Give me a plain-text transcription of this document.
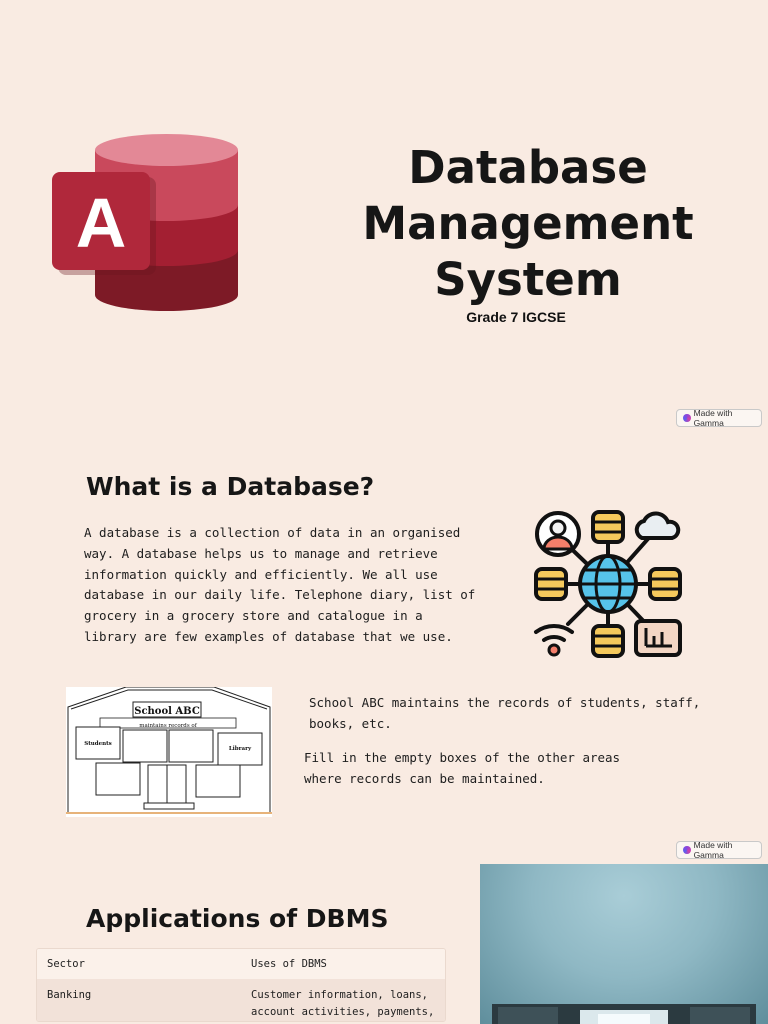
A
Database
Management
System
Grade 7 IGCSE
Made with Gamma
What is a Database?
A database is a collection of data in an organised
way. A database helps us to manage and retrieve
information quickly and efficiently. We all use
database in our daily life. Telephone diary, list of
grocery in a grocery store and catalogue in a
library are few examples of database that we use.
School ABC
maintains records of
Students
Library
School ABC maintains the records of students, staff,
books, etc.
Fill in the empty boxes of the other areas
where records can be maintained.
Made with Gamma
Applications of DBMS
Sector	Uses of DBMS
Banking	Customer information, loans,
account activities, payments,
